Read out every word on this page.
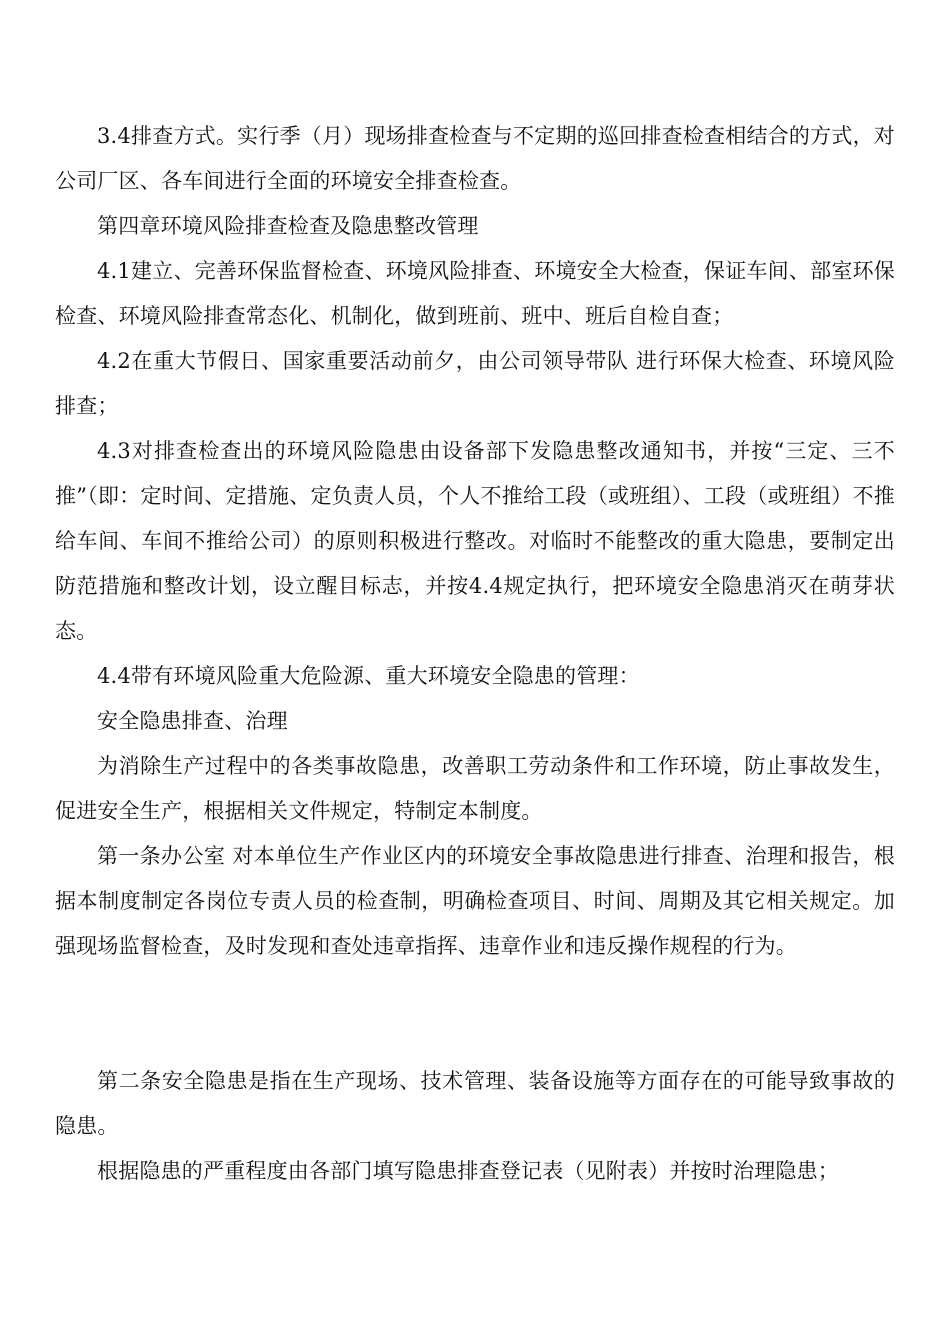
3.4排查方式。实行季（月）现场排查检查与不定期的巡回排查检查相结合的方式，对公司厂区、各车间进行全面的环境安全排查检查。

第四章环境风险排查检查及隐患整改管理

4.1建立、完善环保监督检查、环境风险排查、环境安全大检查，保证车间、部室环保检查、环境风险排查常态化、机制化，做到班前、班中、班后自检自查；

4.2在重大节假日、国家重要活动前夕，由公司领导带队 进行环保大检查、环境风险排查；

4.3对排查检查出的环境风险隐患由设备部下发隐患整改通知书，并按“三定、三不推”（即：定时间、定措施、定负责人员，个人不推给工段（或班组）、工段（或班组）不推给车间、车间不推给公司）的原则积极进行整改。对临时不能整改的重大隐患，要制定出防范措施和整改计划，设立醒目标志，并按4.4规定执行，把环境安全隐患消灭在萌芽状态。

4.4带有环境风险重大危险源、重大环境安全隐患的管理：

安全隐患排查、治理

为消除生产过程中的各类事故隐患，改善职工劳动条件和工作环境，防止事故发生，促进安全生产，根据相关文件规定，特制定本制度。

第一条办公室 对本单位生产作业区内的环境安全事故隐患进行排查、治理和报告，根据本制度制定各岗位专责人员的检查制，明确检查项目、时间、周期及其它相关规定。加强现场监督检查，及时发现和查处违章指挥、违章作业和违反操作规程的行为。

第二条安全隐患是指在生产现场、技术管理、装备设施等方面存在的可能导致事故的隐患。

根据隐患的严重程度由各部门填写隐患排查登记表（见附表）并按时治理隐患；
